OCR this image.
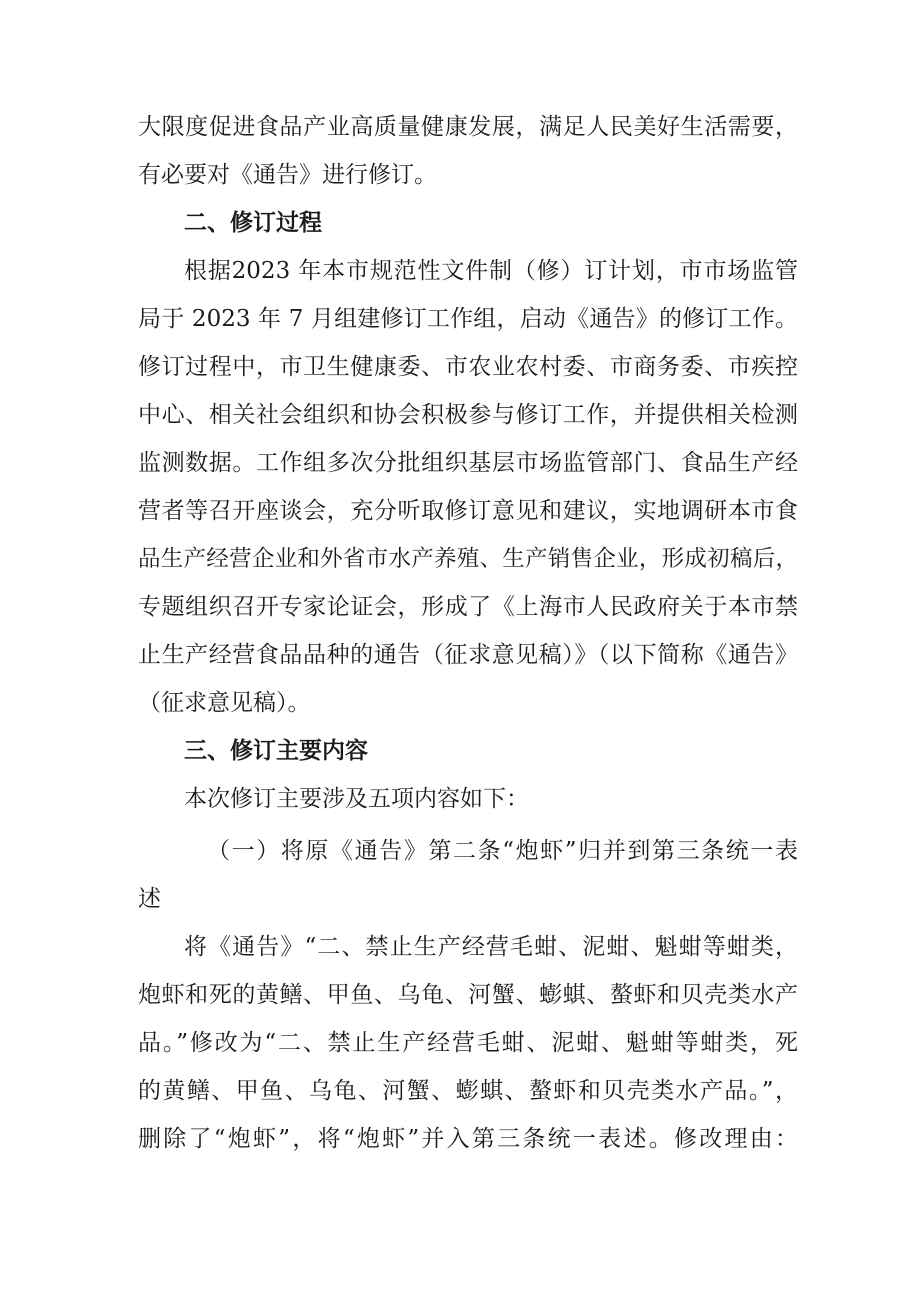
大限度促进食品产业高质量健康发展，满足人民美好生活需要，
有必要对《通告》进行修订。
二、修订过程
根据2023 年本市规范性文件制（修）订计划，市市场监管
局于 2023 年 7 月组建修订工作组，启动《通告》的修订工作。
修订过程中，市卫生健康委、市农业农村委、市商务委、市疾控
中心、相关社会组织和协会积极参与修订工作，并提供相关检测
监测数据。工作组多次分批组织基层市场监管部门、食品生产经
营者等召开座谈会，充分听取修订意见和建议，实地调研本市食
品生产经营企业和外省市水产养殖、生产销售企业，形成初稿后，
专题组织召开专家论证会，形成了《上海市人民政府关于本市禁
止生产经营食品品种的通告（征求意见稿）》（以下简称《通告》
（征求意见稿）。
三、修订主要内容
本次修订主要涉及五项内容如下：
（一）将原《通告》第二条“炮虾”归并到第三条统一表
述
将《通告》“二、禁止生产经营毛蚶、泥蚶、魁蚶等蚶类，
炮虾和死的黄鳝、甲鱼、乌龟、河蟹、蟛蜞、螯虾和贝壳类水产
品。”修改为“二、禁止生产经营毛蚶、泥蚶、魁蚶等蚶类，死
的黄鳝、甲鱼、乌龟、河蟹、蟛蜞、螯虾和贝壳类水产品。”，
删除了“炮虾”，将“炮虾”并入第三条统一表述。修改理由：
